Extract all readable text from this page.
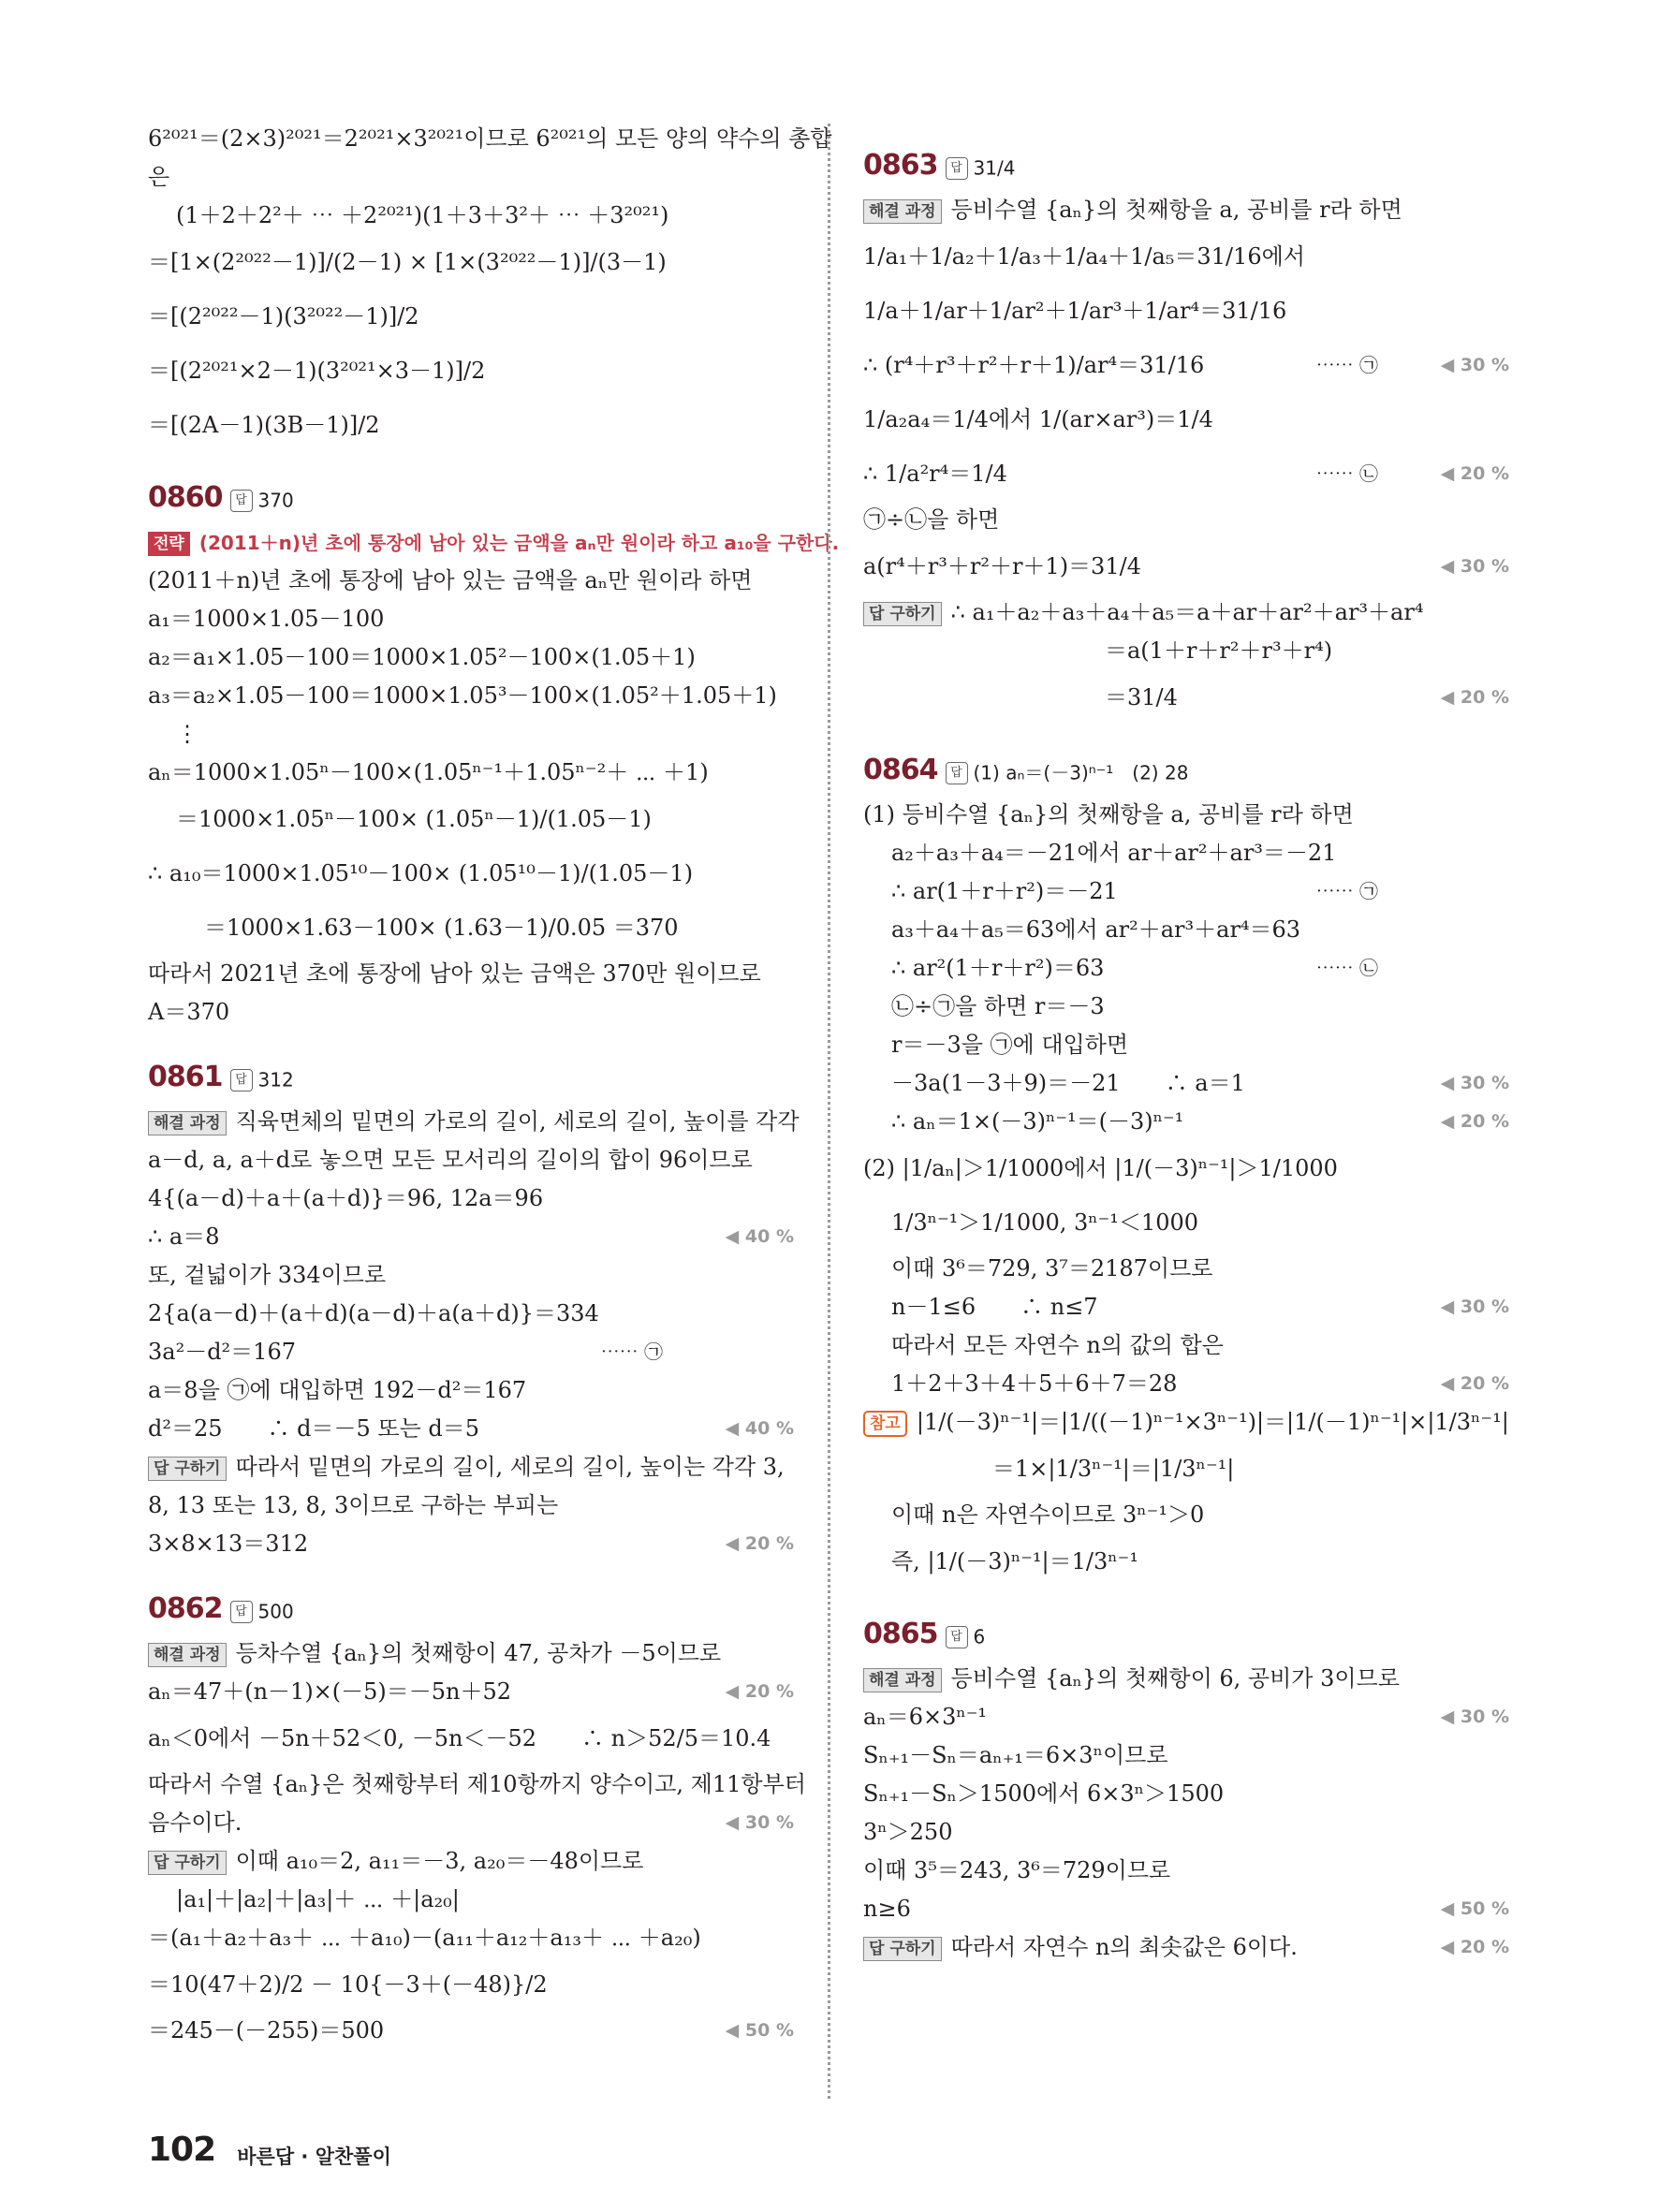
6²⁰²¹＝(2×3)²⁰²¹＝2²⁰²¹×3²⁰²¹이므로 6²⁰²¹의 모든 양의 약수의 총합
은
(1＋2＋2²＋ ⋯ ＋2²⁰²¹)(1＋3＋3²＋ ⋯ ＋3²⁰²¹)
＝[1×(2²⁰²²－1)]/(2－1) × [1×(3²⁰²²－1)]/(3－1)
＝[(2²⁰²²－1)(3²⁰²²－1)]/2
＝[(2²⁰²¹×2－1)(3²⁰²¹×3－1)]/2
＝[(2A－1)(3B－1)]/2
0860 답 370
전략 (2011＋n)년 초에 통장에 남아 있는 금액을 aₙ만 원이라 하고 a₁₀을 구한다.
(2011＋n)년 초에 통장에 남아 있는 금액을 aₙ만 원이라 하면
a₁＝1000×1.05－100
a₂＝a₁×1.05－100＝1000×1.05²－100×(1.05＋1)
a₃＝a₂×1.05－100＝1000×1.05³－100×(1.05²＋1.05＋1)
⋮
aₙ＝1000×1.05ⁿ－100×(1.05ⁿ⁻¹＋1.05ⁿ⁻²＋ ⋯ ＋1)
＝1000×1.05ⁿ－100× (1.05ⁿ－1)/(1.05－1)
∴ a₁₀＝1000×1.05¹⁰－100× (1.05¹⁰－1)/(1.05－1)
＝1000×1.63－100× (1.63－1)/0.05 ＝370
따라서 2021년 초에 통장에 남아 있는 금액은 370만 원이므로
A＝370
0861 답 312
해결 과정 직육면체의 밑면의 가로의 길이, 세로의 길이, 높이를 각각
a－d, a, a＋d로 놓으면 모든 모서리의 길이의 합이 96이므로
4{(a－d)＋a＋(a＋d)}＝96, 12a＝96
∴ a＝8	◀ 40 %
또, 겉넓이가 334이므로
2{a(a－d)＋(a＋d)(a－d)＋a(a＋d)}＝334
3a²－d²＝167	⋯⋯ ㉠
a＝8을 ㉠에 대입하면 192－d²＝167
d²＝25　　∴ d＝－5 또는 d＝5	◀ 40 %
답 구하기 따라서 밑면의 가로의 길이, 세로의 길이, 높이는 각각 3,
8, 13 또는 13, 8, 3이므로 구하는 부피는
3×8×13＝312	◀ 20 %
0862 답 500
해결 과정 등차수열 {aₙ}의 첫째항이 47, 공차가 －5이므로
aₙ＝47＋(n－1)×(－5)＝－5n＋52	◀ 20 %
aₙ＜0에서 －5n＋52＜0, －5n＜－52　　∴ n＞52/5＝10.4
따라서 수열 {aₙ}은 첫째항부터 제10항까지 양수이고, 제11항부터
음수이다.	◀ 30 %
답 구하기 이때 a₁₀＝2, a₁₁＝－3, a₂₀＝－48이므로
|a₁|＋|a₂|＋|a₃|＋ ⋯ ＋|a₂₀|
＝(a₁＋a₂＋a₃＋ ⋯ ＋a₁₀)－(a₁₁＋a₁₂＋a₁₃＋ ⋯ ＋a₂₀)
＝10(47＋2)/2 － 10{－3＋(－48)}/2
＝245－(－255)＝500	◀ 50 %
0863 답 31/4
해결 과정 등비수열 {aₙ}의 첫째항을 a, 공비를 r라 하면
1/a₁＋1/a₂＋1/a₃＋1/a₄＋1/a₅＝31/16에서
1/a＋1/ar＋1/ar²＋1/ar³＋1/ar⁴＝31/16
∴ (r⁴＋r³＋r²＋r＋1)/ar⁴＝31/16	⋯⋯ ㉠	◀ 30 %
1/a₂a₄＝1/4에서 1/(ar×ar³)＝1/4
∴ 1/a²r⁴＝1/4	⋯⋯ ㉡	◀ 20 %
㉠÷㉡을 하면
a(r⁴＋r³＋r²＋r＋1)＝31/4	◀ 30 %
답 구하기 ∴ a₁＋a₂＋a₃＋a₄＋a₅＝a＋ar＋ar²＋ar³＋ar⁴
　　　　　　　＝a(1＋r＋r²＋r³＋r⁴)
　　　　　　　＝31/4	◀ 20 %
0864 답 (1) aₙ＝(－3)ⁿ⁻¹　(2) 28
(1) 등비수열 {aₙ}의 첫째항을 a, 공비를 r라 하면
a₂＋a₃＋a₄＝－21에서 ar＋ar²＋ar³＝－21
∴ ar(1＋r＋r²)＝－21	⋯⋯ ㉠
a₃＋a₄＋a₅＝63에서 ar²＋ar³＋ar⁴＝63
∴ ar²(1＋r＋r²)＝63	⋯⋯ ㉡
㉡÷㉠을 하면 r＝－3
r＝－3을 ㉠에 대입하면
－3a(1－3＋9)＝－21　　∴ a＝1	◀ 30 %
∴ aₙ＝1×(－3)ⁿ⁻¹＝(－3)ⁿ⁻¹	◀ 20 %
(2) |1/aₙ|＞1/1000에서 |1/(－3)ⁿ⁻¹|＞1/1000
1/3ⁿ⁻¹＞1/1000, 3ⁿ⁻¹＜1000
이때 3⁶＝729, 3⁷＝2187이므로
n－1≤6　　∴ n≤7	◀ 30 %
따라서 모든 자연수 n의 값의 합은
1＋2＋3＋4＋5＋6＋7＝28	◀ 20 %
참고 |1/(－3)ⁿ⁻¹|＝|1/((－1)ⁿ⁻¹×3ⁿ⁻¹)|＝|1/(－1)ⁿ⁻¹|×|1/3ⁿ⁻¹|
　　＝1×|1/3ⁿ⁻¹|＝|1/3ⁿ⁻¹|
이때 n은 자연수이므로 3ⁿ⁻¹＞0
즉, |1/(－3)ⁿ⁻¹|＝1/3ⁿ⁻¹
0865 답 6
해결 과정 등비수열 {aₙ}의 첫째항이 6, 공비가 3이므로
aₙ＝6×3ⁿ⁻¹	◀ 30 %
Sₙ₊₁－Sₙ＝aₙ₊₁＝6×3ⁿ이므로
Sₙ₊₁－Sₙ＞1500에서 6×3ⁿ＞1500
3ⁿ＞250
이때 3⁵＝243, 3⁶＝729이므로
n≥6	◀ 50 %
답 구하기 따라서 자연수 n의 최솟값은 6이다.	◀ 20 %
102 바른답 · 알찬풀이
